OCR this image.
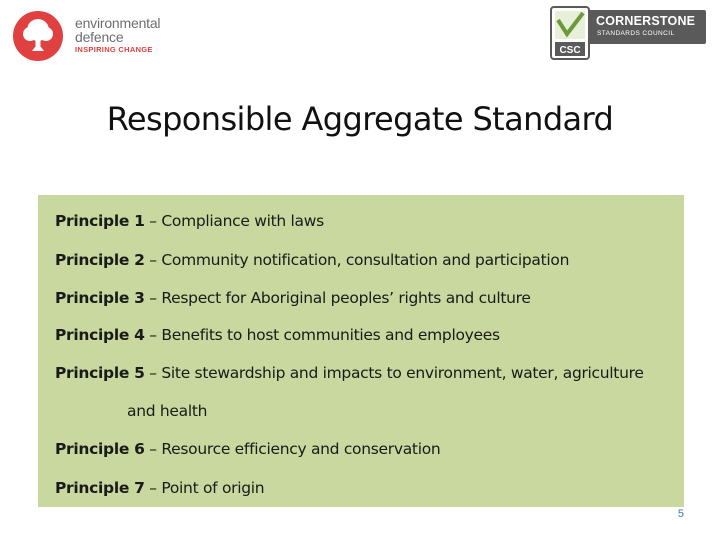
environmental
defence
INSPIRING CHANGE	CSC
CORNERSTONE
STANDARDS COUNCIL
Responsible Aggregate Standard
Principle 1 – Compliance with laws
Principle 2 – Community notification, consultation and participation
Principle 3 – Respect for Aboriginal peoples’ rights and culture
Principle 4 – Benefits to host communities and employees
Principle 5 – Site stewardship and impacts to environment, water, agriculture
and health
Principle 6 – Resource efficiency and conservation
Principle 7 – Point of origin
5
